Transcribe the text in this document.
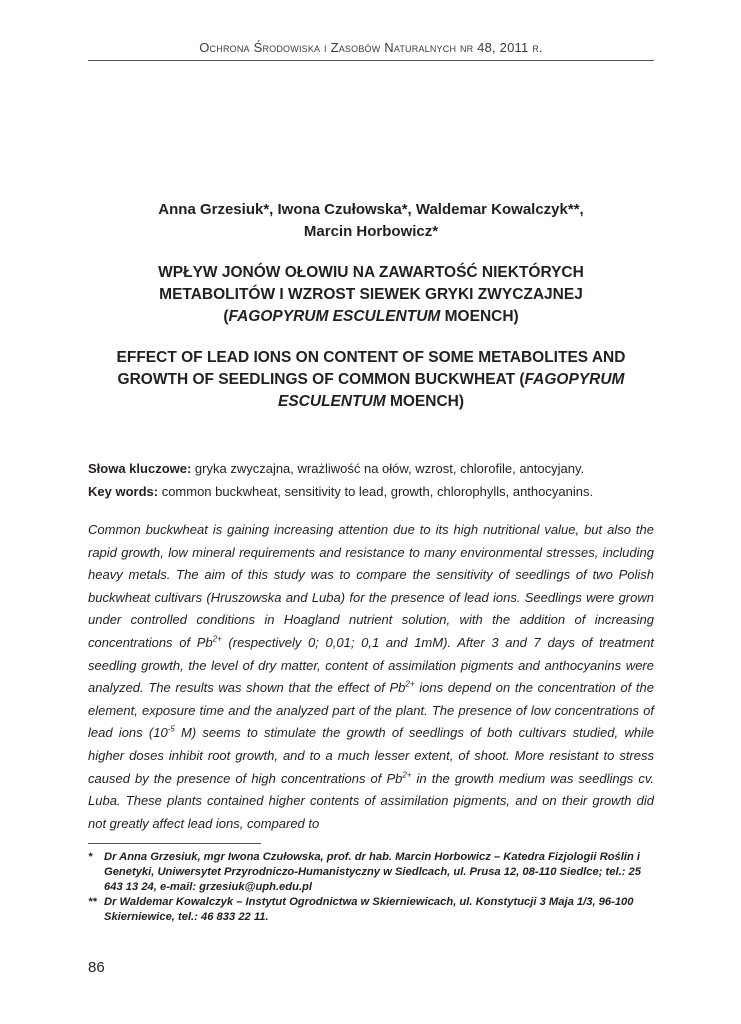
Ochrona Środowiska i Zasobów Naturalnych nr 48, 2011 r.
Anna Grzesiuk*, Iwona Czułowska*, Waldemar Kowalczyk**,
Marcin Horbowicz*
WPŁYW JONÓW OŁOWIU NA ZAWARTOŚĆ NIEKTÓRYCH
METABOLITÓW I WZROST SIEWEK GRYKI ZWYCZAJNEJ
(FAGOPYRUM ESCULENTUM MOENCH)
EFFECT OF LEAD IONS ON CONTENT OF SOME METABOLITES AND
GROWTH OF SEEDLINGS OF COMMON BUCKWHEAT (FAGOPYRUM
ESCULENTUM MOENCH)
Słowa kluczowe: gryka zwyczajna, wrażliwość na ołów, wzrost, chlorofile, antocyjany.
Key words: common buckwheat, sensitivity to lead, growth, chlorophylls, anthocyanins.
Common buckwheat is gaining increasing attention due to its high nutritional value, but also the rapid growth, low mineral requirements and resistance to many environmental stresses, including heavy metals. The aim of this study was to compare the sensitivity of seedlings of two Polish buckwheat cultivars (Hruszowska and Luba) for the presence of lead ions. Seedlings were grown under controlled conditions in Hoagland nutrient solution, with the addition of increasing concentrations of $Pb^{2+}$ (respectively 0; 0,01; 0,1 and 1mM). After 3 and 7 days of treatment seedling growth, the level of dry matter, content of assimilation pigments and anthocyanins were analyzed. The results was shown that the effect of $Pb^{2+}$ ions depend on the concentration of the element, exposure time and the analyzed part of the plant. The presence of low concentrations of lead ions ($10^{-5}$ M) seems to stimulate the growth of seedlings of both cultivars studied, while higher doses inhibit root growth, and to a much lesser extent, of shoot. More resistant to stress caused by the presence of high concentrations of $Pb^{2+}$ in the growth medium was seedlings cv. Luba. These plants contained higher contents of assimilation pigments, and on their growth did not greatly affect lead ions, compared to
*	Dr Anna Grzesiuk, mgr Iwona Czułowska, prof. dr hab. Marcin Horbowicz – Katedra Fizjologii Roślin i Genetyki, Uniwersytet Przyrodniczo-Humanistyczny w Siedlcach, ul. Prusa 12, 08-110 Siedlce; tel.: 25 643 13 24, e-mail: grzesiuk@uph.edu.pl
** Dr Waldemar Kowalczyk – Instytut Ogrodnictwa w Skierniewicach, ul. Konstytucji 3 Maja 1/3, 96-100 Skierniewice, tel.: 46 833 22 11.
86
